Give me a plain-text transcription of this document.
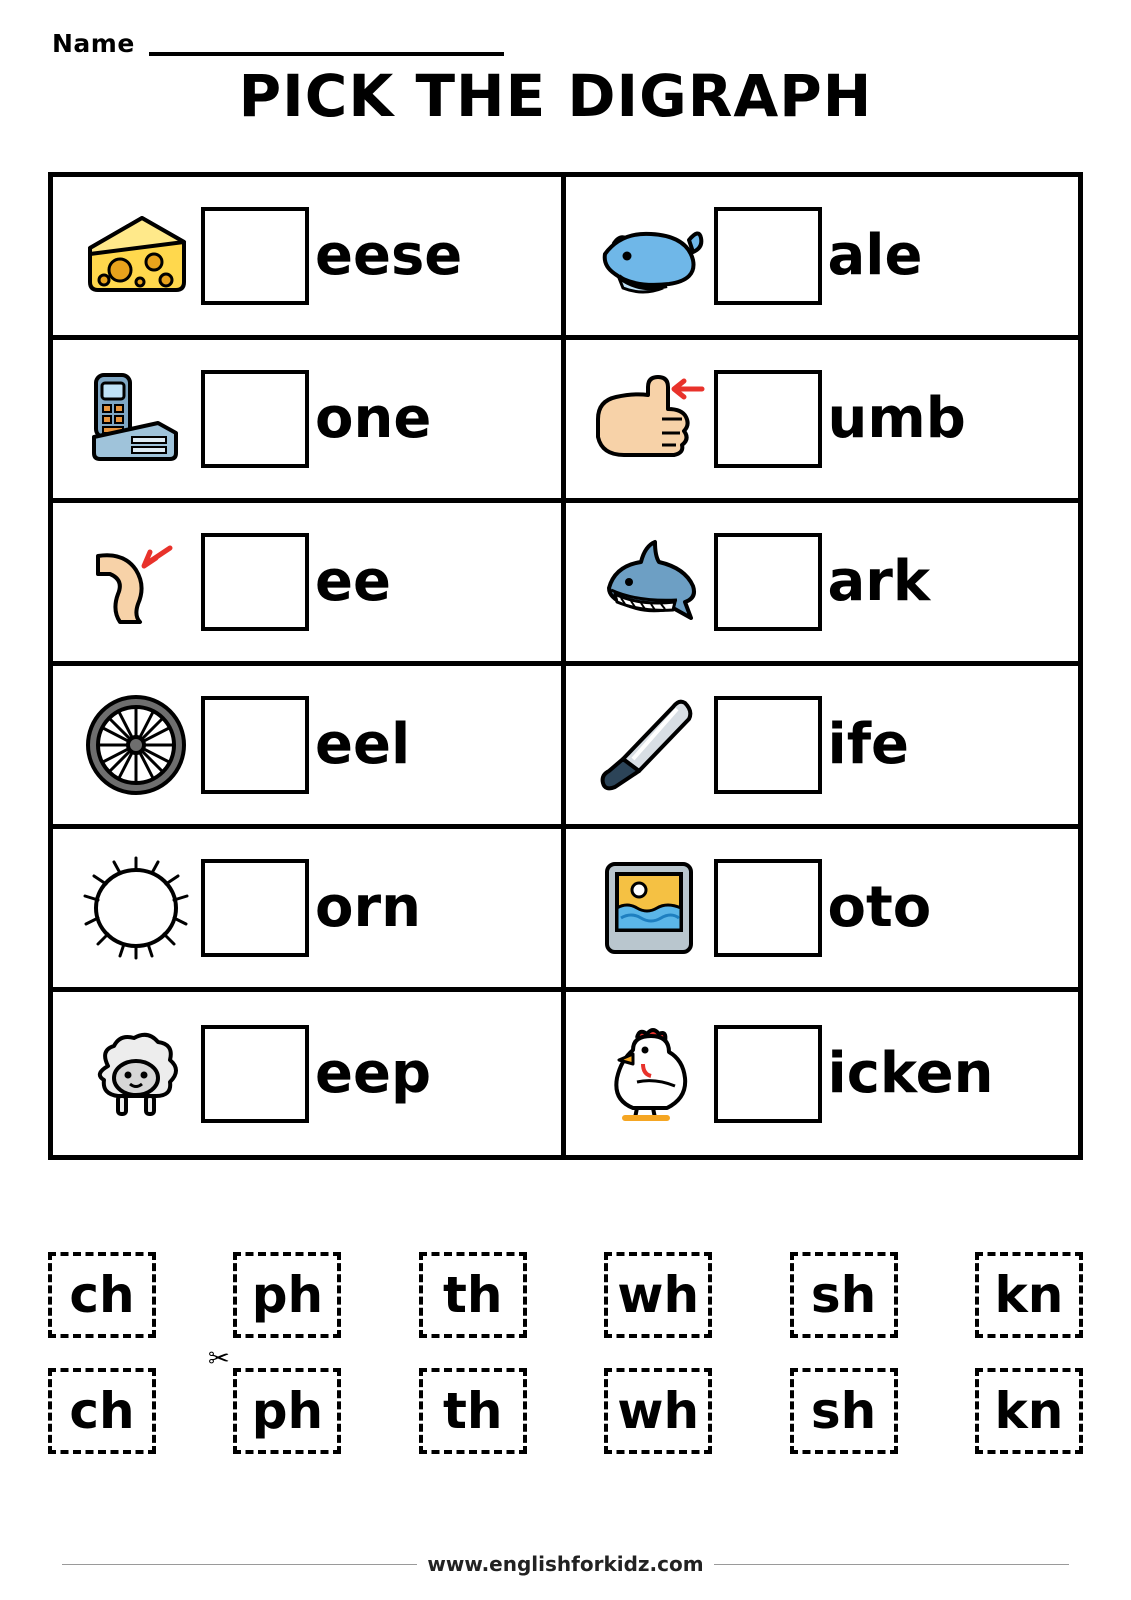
Name
PICK THE DIGRAPH
eese	ale
one	umb
ee	ark
eel	ife
orn	oto
eep	icken
ch	ph	th	wh	sh	kn
✂
ch	ph	th	wh	sh	kn
www.englishforkidz.com
